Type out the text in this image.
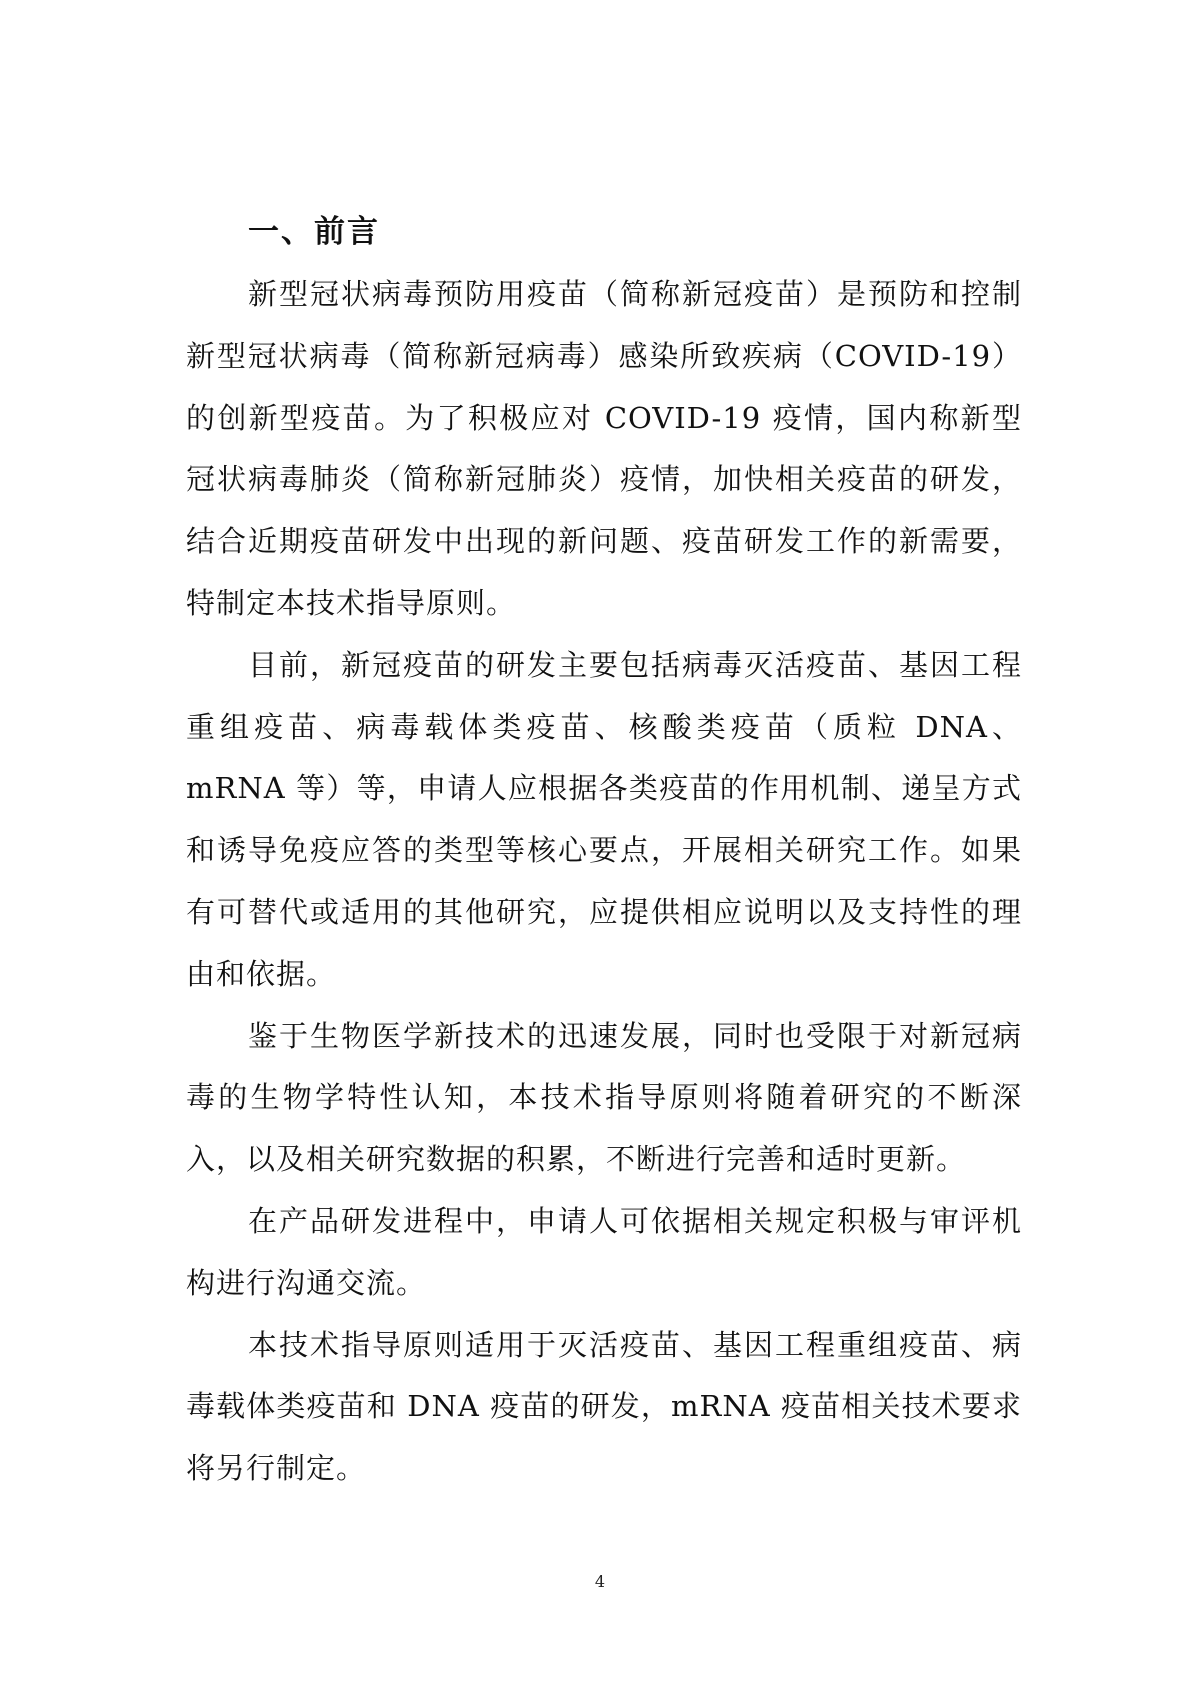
一、前言

新型冠状病毒预防用疫苗（简称新冠疫苗）是预防和控制新型冠状病毒（简称新冠病毒）感染所致疾病（COVID-19）的创新型疫苗。为了积极应对 COVID-19 疫情，国内称新型冠状病毒肺炎（简称新冠肺炎）疫情，加快相关疫苗的研发，结合近期疫苗研发中出现的新问题、疫苗研发工作的新需要，特制定本技术指导原则。

目前，新冠疫苗的研发主要包括病毒灭活疫苗、基因工程重组疫苗、病毒载体类疫苗、核酸类疫苗（质粒 DNA、mRNA 等）等，申请人应根据各类疫苗的作用机制、递呈方式和诱导免疫应答的类型等核心要点，开展相关研究工作。如果有可替代或适用的其他研究，应提供相应说明以及支持性的理由和依据。

鉴于生物医学新技术的迅速发展，同时也受限于对新冠病毒的生物学特性认知，本技术指导原则将随着研究的不断深入，以及相关研究数据的积累，不断进行完善和适时更新。

在产品研发进程中，申请人可依据相关规定积极与审评机构进行沟通交流。

本技术指导原则适用于灭活疫苗、基因工程重组疫苗、病毒载体类疫苗和 DNA 疫苗的研发，mRNA 疫苗相关技术要求将另行制定。

4
